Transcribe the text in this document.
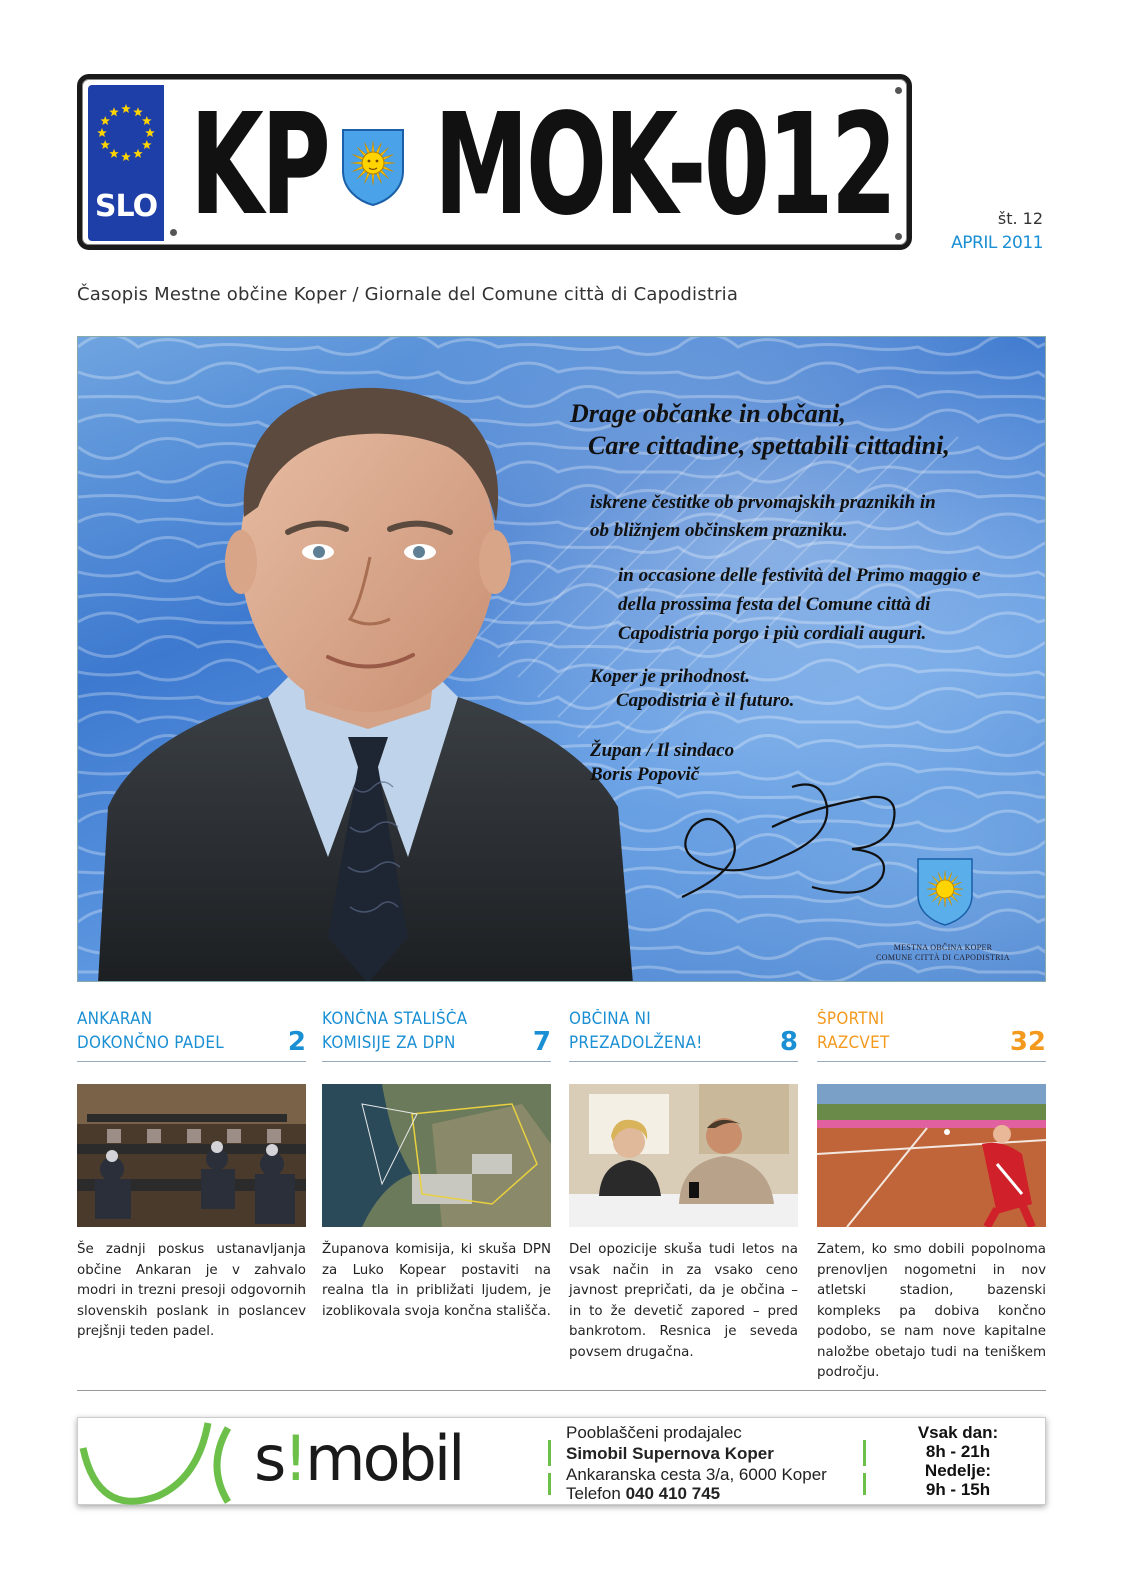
SLO KP MOK-012	št. 12
APRIL 2011
Časopis Mestne občine Koper / Giornale del Comune città di Capodistria
Drage občanke in občani,
Care cittadine, spettabili cittadini,
iskrene čestitke ob prvomajskih praznikih in
ob bližnjem občinskem prazniku.
in occasione delle festività del Primo maggio e
della prossima festa del Comune città di
Capodistria porgo i più cordiali auguri.
Koper je prihodnost.
Capodistria è il futuro.
Župan / Il sindaco
Boris Popovič
MESTNA OBČINA KOPER
COMUNE CITTÀ DI CAPODISTRIA
ANKARAN
DOKONČNO PADEL 2
Še zadnji poskus ustanavljanja občine Ankaran je v zahvalo modri in trezni presoji odgovornih slovenskih poslank in poslancev prejšnji teden padel.
KONČNA STALIŠČA
KOMISIJE ZA DPN	7
Županova komisija, ki skuša DPN za Luko Kopear postaviti na realna tla in približati ljudem, je izoblikovala svoja končna stališča.
OBČINA NI
PREZADOLŽENA!	8
Del opozicije skuša tudi letos na vsak način in za vsako ceno javnost prepričati, da je občina – in to že devetič zapored – pred bankrotom. Resnica je seveda povsem drugačna.
ŠPORTNI
RAZCVET	32
Zatem, ko smo dobili popolnoma prenovljen nogometni in nov atletski stadion, bazenski kompleks pa dobiva končno podobo, se nam nove kapitalne naložbe obetajo tudi na teniškem področju.
s!mobil	Pooblaščeni prodajalec
Simobil Supernova Koper
Ankaranska cesta 3/a, 6000 Koper
Telefon 040 410 745
Vsak dan:
8h - 21h
Nedelje:
9h - 15h
